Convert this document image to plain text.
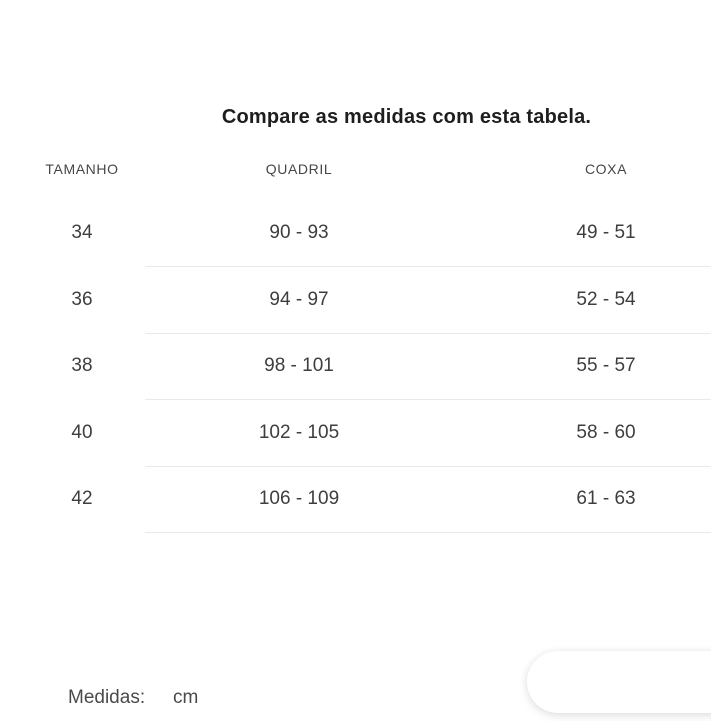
Compare as medidas com esta tabela.
TAMANHO	QUADRIL	COXA
34	90 - 93	49 - 51
36	94 - 97	52 - 54
38	98 - 101	55 - 57
40	102 - 105	58 - 60
42	106 - 109	61 - 63
Medidas: cm
